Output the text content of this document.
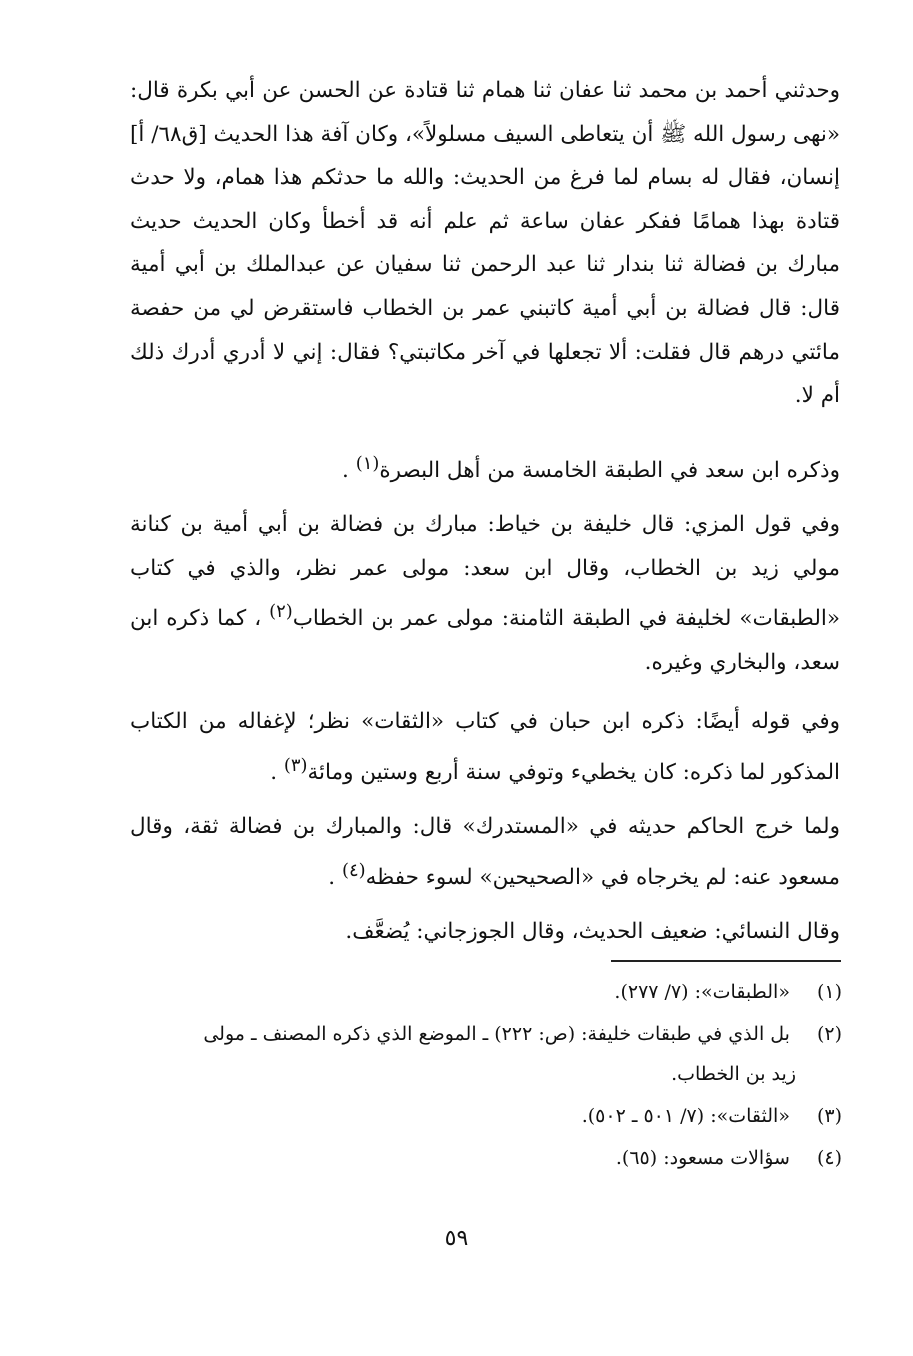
وحدثني أحمد بن محمد ثنا عفان ثنا همام ثنا قتادة عن الحسن عن أبي بكرة قال: «نهى رسول الله ﷺ أن يتعاطى السيف مسلولاً»، وكان آفة هذا الحديث [ق٦٨/ أ] إنسان، فقال له بسام لما فرغ من الحديث: والله ما حدثكم هذا همام، ولا حدث قتادة بهذا همامًا ففكر عفان ساعة ثم علم أنه قد أخطأ وكان الحديث حديث مبارك بن فضالة ثنا بندار ثنا عبد الرحمن ثنا سفيان عن عبدالملك بن أبي أمية قال: قال فضالة بن أبي أمية كاتبني عمر بن الخطاب فاستقرض لي من حفصة مائتي درهم قال فقلت: ألا تجعلها في آخر مكاتبتي؟ فقال: إني لا أدري أدرك ذلك أم لا.

وذكره ابن سعد في الطبقة الخامسة من أهل البصرة$^{(١)}$ .

وفي قول المزي: قال خليفة بن خياط: مبارك بن فضالة بن أبي أمية بن كنانة مولي زيد بن الخطاب، وقال ابن سعد: مولى عمر نظر، والذي في كتاب «الطبقات» لخليفة في الطبقة الثامنة: مولى عمر بن الخطاب$^{(٢)}$ ، كما ذكره ابن سعد، والبخاري وغيره.

وفي قوله أيضًا: ذكره ابن حبان في كتاب «الثقات» نظر؛ لإغفاله من الكتاب المذكور لما ذكره: كان يخطيء وتوفي سنة أربع وستين ومائة$^{(٣)}$ .

ولما خرج الحاكم حديثه في «المستدرك» قال: والمبارك بن فضالة ثقة، وقال مسعود عنه: لم يخرجاه في «الصحيحين» لسوء حفظه$^{(٤)}$ .

وقال النسائي: ضعيف الحديث، وقال الجوزجاني: يُضعَّف.

(١) «الطبقات»: (٧/ ٢٧٧).

(٢) بل الذي في طبقات خليفة: (ص: ٢٢٢) ـ الموضع الذي ذكره المصنف ـ مولى
زيد بن الخطاب.

(٣) «الثقات»: (٧/ ٥٠١ ـ ٥٠٢).

(٤) سؤالات مسعود: (٦٥).

٥٩
